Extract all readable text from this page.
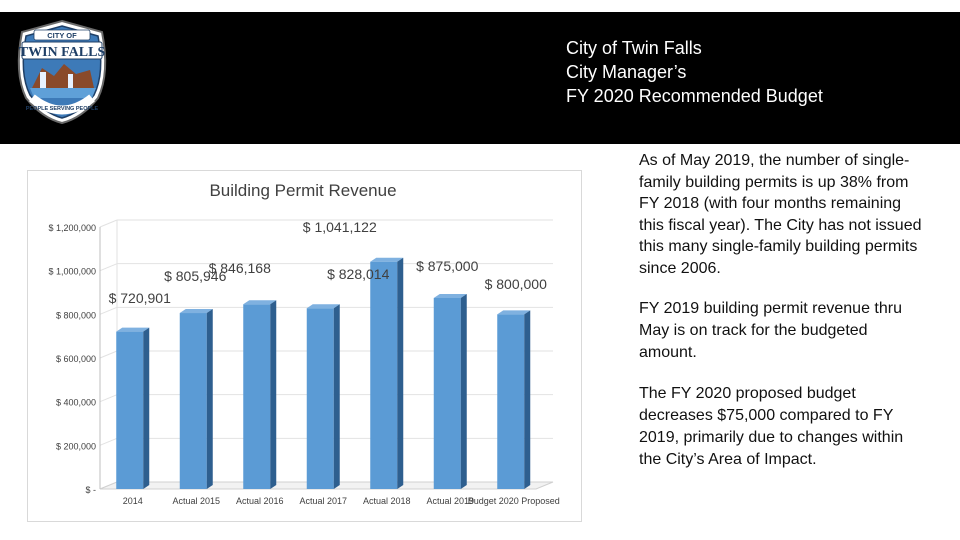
CITY OF
TWIN FALLS
PEOPLE SERVING PEOPLE
City of Twin Falls
City Manager’s
FY 2020 Recommended Budget
Building Permit Revenue
$ -
$ 200,000
$ 400,000
$ 600,000
$ 800,000
$ 1,000,000
$ 1,200,000
2014	Actual 2015 Actual 2016 Actual 2017 Actual 2018 Actual 2019
Budget 2020 Proposed
$ 720,901
$ 805,946
$ 846,168	$ 828,014
$ 1,041,122
$ 875,000
$ 800,000

As of May 2019, the number of single-family building permits is up 38% from FY 2018 (with four months remaining this fiscal year). The City has not issued this many single-family building permits since 2006.

FY 2019 building permit revenue thru May is on track for the budgeted amount.

The FY 2020 proposed budget decreases $75,000 compared to FY 2019, primarily due to changes within the City’s Area of Impact.
